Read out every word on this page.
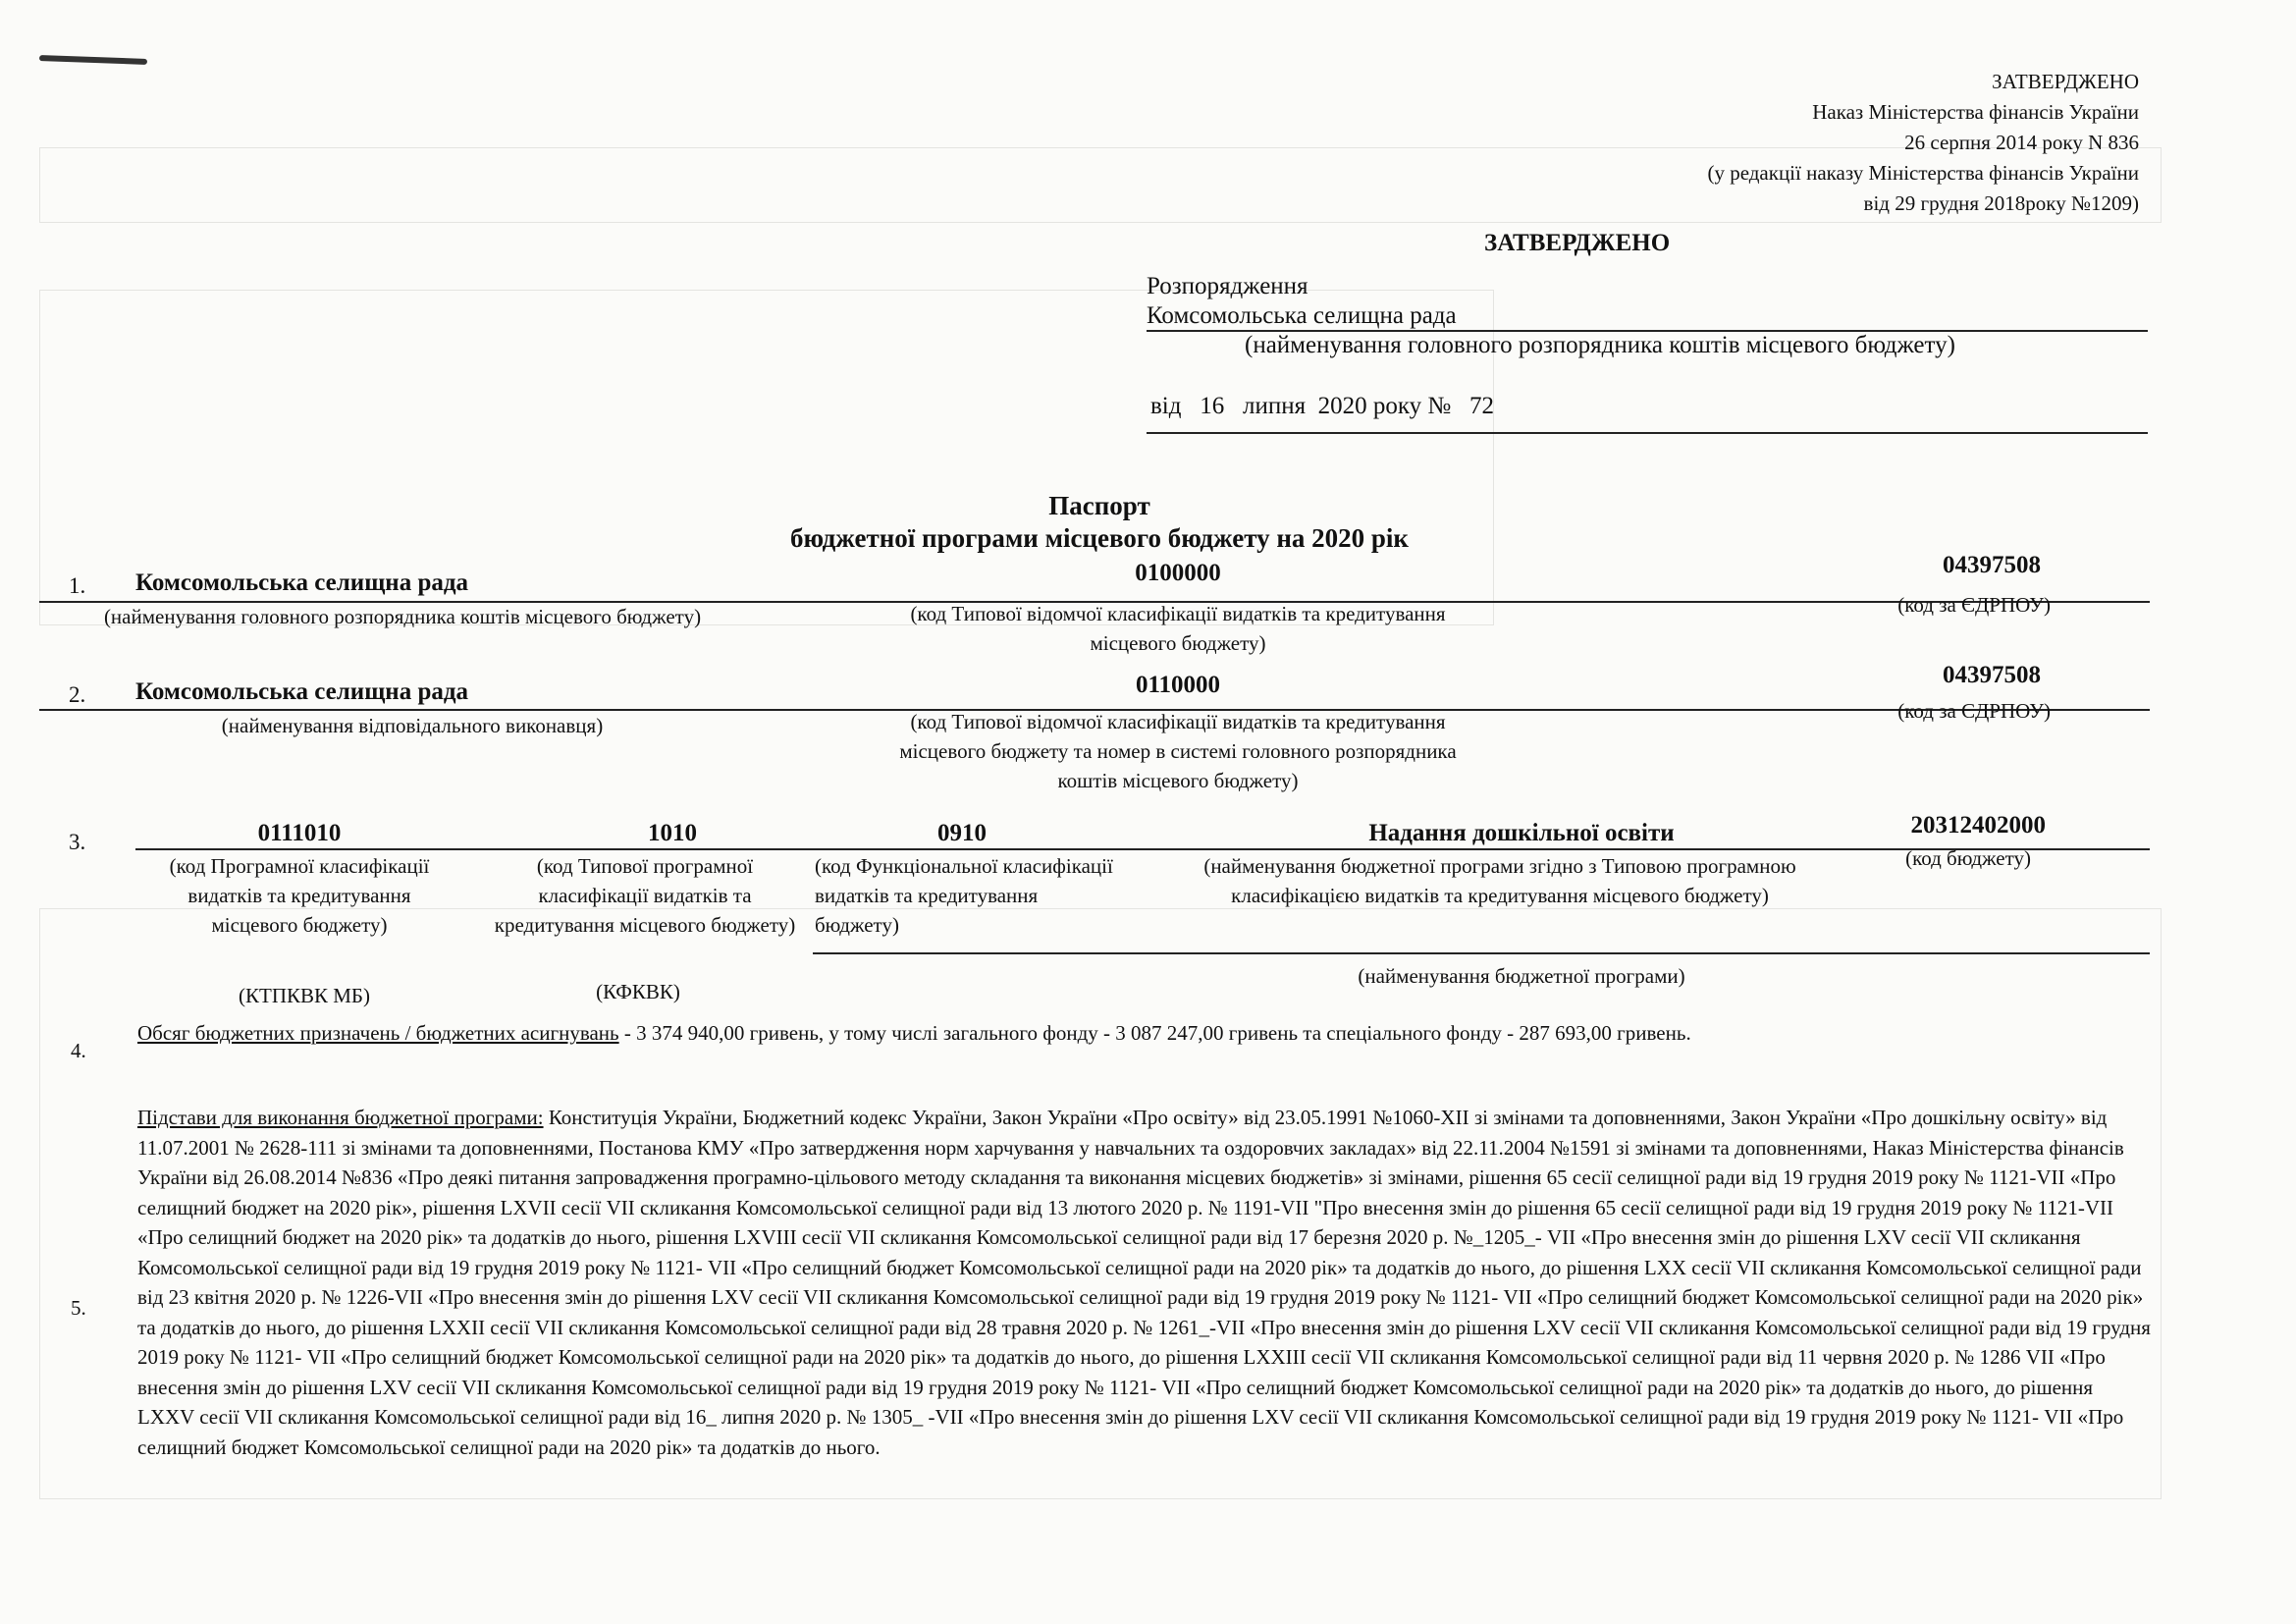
ЗАТВЕРДЖЕНО
Наказ Міністерства фінансів України
26 серпня 2014 року N 836
(у редакції наказу Міністерства фінансів України
від 29 грудня 2018року №1209)
ЗАТВЕРДЖЕНО
Розпорядження
Комсомольська селищна рада
(найменування головного розпорядника коштів місцевого бюджету)
від   16   липня  2020 року №   72
Паспорт
бюджетної програми місцевого бюджету на 2020 рік
1. Комсомольська селищна рада	0100000	04397508
(найменування головного розпорядника коштів місцевого бюджету)	(код Типової відомчої класифікації видатків та кредитування
місцевого бюджету)
(код за ЄДРПОУ)
2. Комсомольська селищна рада	0110000	04397508
(найменування відповідального виконавця)	(код Типової відомчої класифікації видатків та кредитування
місцевого бюджету та номер в системі головного розпорядника
коштів місцевого бюджету)
(код за ЄДРПОУ)
3.	0111010	1010	0910	Надання дошкільної освіти	20312402000
(код Програмної класифікації
видатків та кредитування
місцевого бюджету)
(код Типової програмної
класифікації видатків та
кредитування місцевого бюджету)
(код Функціональної класифікації
видатків та кредитування
бюджету)
(найменування бюджетної програми згідно з Типовою програмною
класифікацією видатків та кредитування місцевого бюджету)
(код бюджету)
(КТПКВК МБ)	(КФКВК)
(найменування бюджетної програми)
4.
Обсяг бюджетних призначень / бюджетних асигнувань - 3 374 940,00 гривень, у тому числі загального фонду - 3 087 247,00 гривень та спеціального фонду - 287 693,00 гривень.
5.
Підстави для виконання бюджетної програми: Конституція України, Бюджетний кодекс України, Закон України «Про освіту» від 23.05.1991 №1060-XII зі змінами та доповненнями, Закон України «Про дошкільну освіту» від 11.07.2001 № 2628-111 зі змінами та доповненнями, Постанова КМУ «Про затвердження норм харчування у навчальних та оздоровчих закладах» від 22.11.2004 №1591 зі змінами та доповненнями, Наказ Міністерства фінансів України від 26.08.2014 №836 «Про деякі питання запровадження програмно-цільового методу складання та виконання місцевих бюджетів» зі змінами, рішення 65 сесії селищної ради від 19 грудня 2019 року № 1121-VII «Про селищний бюджет на 2020 рік», рішення LXVII сесії VII скликання Комсомольської селищної ради від 13 лютого 2020 р. № 1191-VII "Про внесення змін до рішення 65 сесії селищної ради від 19 грудня 2019 року № 1121-VII «Про селищний бюджет на 2020 рік» та додатків до нього, рішення LXVIII сесії VII скликання Комсомольської селищної ради від 17 березня 2020 р. №_1205_- VII «Про внесення змін до рішення LXV сесії VII скликання Комсомольської селищної ради від 19 грудня 2019 року № 1121- VII «Про селищний бюджет Комсомольської селищної ради на 2020 рік» та додатків до нього, до рішення LXX сесії VII скликання Комсомольської селищної ради від 23 квітня 2020 р. № 1226-VII «Про внесення змін до рішення LXV сесії VII скликання Комсомольської селищної ради від 19 грудня 2019 року № 1121- VII «Про селищний бюджет Комсомольської селищної ради на 2020 рік» та додатків до нього, до рішення LXXII сесії VII скликання Комсомольської селищної ради від 28 травня 2020 р. № 1261_-VII «Про внесення змін до рішення LXV сесії VII скликання Комсомольської селищної ради від 19 грудня 2019 року № 1121- VII «Про селищний бюджет Комсомольської селищної ради на 2020 рік» та додатків до нього, до рішення LXXIII сесії VII скликання Комсомольської селищної ради від 11 червня 2020 р. № 1286 VII «Про внесення змін до рішення LXV сесії VII скликання Комсомольської селищної ради від 19 грудня 2019 року № 1121- VII «Про селищний бюджет Комсомольської селищної ради на 2020 рік» та додатків до нього, до рішення LXXV сесії VII скликання Комсомольської селищної ради від 16_ липня 2020 р. № 1305_ -VII «Про внесення змін до рішення LXV сесії VII скликання Комсомольської селищної ради від 19 грудня 2019 року № 1121- VII «Про селищний бюджет Комсомольської селищної ради на 2020 рік» та додатків до нього.
